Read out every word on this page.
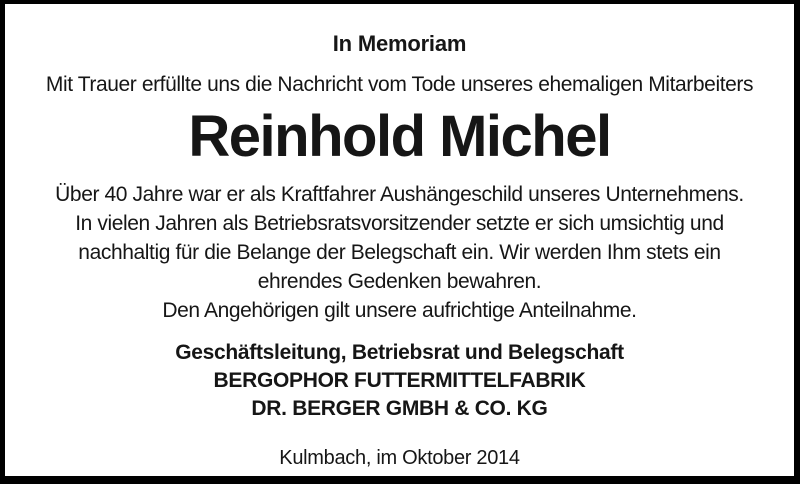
In Memoriam
Mit Trauer erfüllte uns die Nachricht vom Tode unseres ehemaligen Mitarbeiters
Reinhold Michel
Über 40 Jahre war er als Kraftfahrer Aushängeschild unseres Unternehmens.
In vielen Jahren als Betriebsratsvorsitzender setzte er sich umsichtig und
nachhaltig für die Belange der Belegschaft ein. Wir werden Ihm stets ein
ehrendes Gedenken bewahren.
Den Angehörigen gilt unsere aufrichtige Anteilnahme.
Geschäftsleitung, Betriebsrat und Belegschaft
BERGOPHOR FUTTERMITTELFABRIK
DR. BERGER GMBH & CO. KG
Kulmbach, im Oktober 2014
